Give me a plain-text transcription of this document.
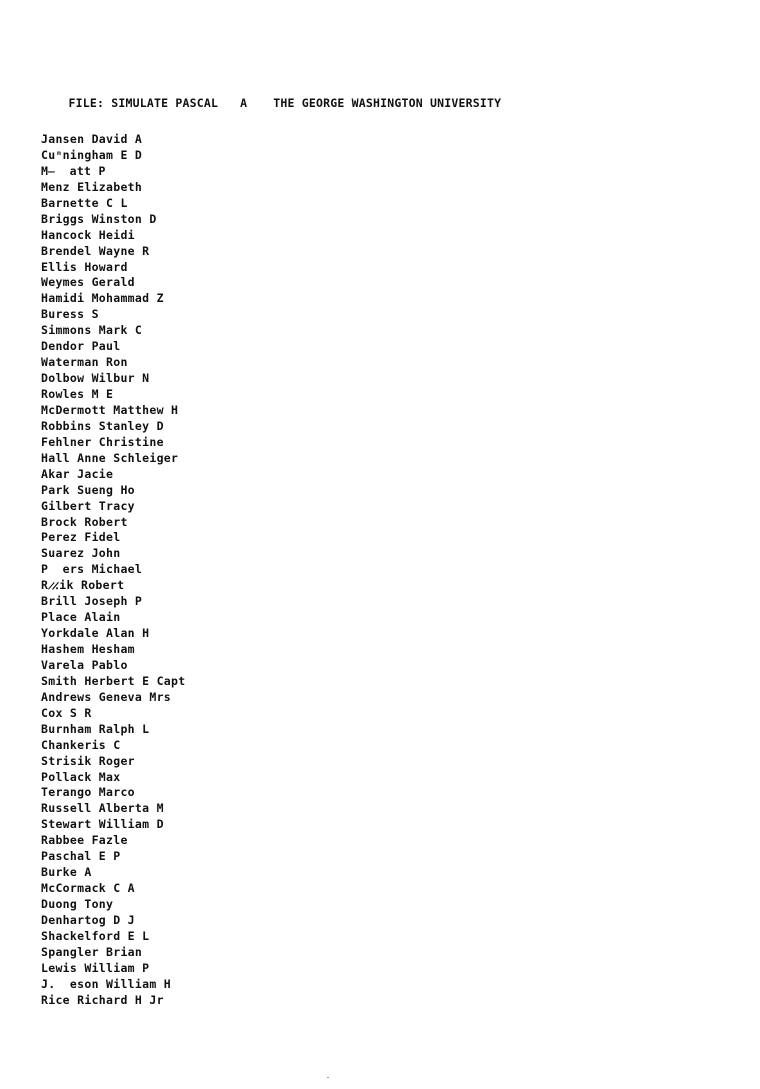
FILE: SIMULATE PASCAL A THE GEORGE WASHINGTON UNIVERSITY

Jansen David A
Cuⁿningham E D
M̶  att P
Menz Elizabeth
Barnette C L
Briggs Winston D
Hancock Heidi
Brendel Wayne R
Ellis Howard
Weymes Gerald
Hamidi Mohammad Z
Buress S
Simmons Mark C
Dendor Paul
Waterman Ron
Dolbow Wilbur N
Rowles M E
McDermott Matthew H
Robbins Stanley D
Fehlner Christine
Hall Anne Schleiger
Akar Jacie
Park Sueng Ho
Gilbert Tracy
Brock Robert
Perez Fidel
Suarez John
P  ers Michael
R̷․̷ik Robert
Brill Joseph P
Place Alain
Yorkdale Alan H
Hashem Hesham
Varela Pablo
Smith Herbert E Capt
Andrews Geneva Mrs
Cox S R
Burnham Ralph L
Chankeris C
Strisik Roger
Pollack Max
Terango Marco
Russell Alberta M
Stewart William D
Rabbee Fazle
Paschal E P
Burke A
McCormack C A
Duong Tony
Denhartog D J
Shackelford E L
Spangler Brian
Lewis William P
J.  eson William H
Rice Richard H Jr
